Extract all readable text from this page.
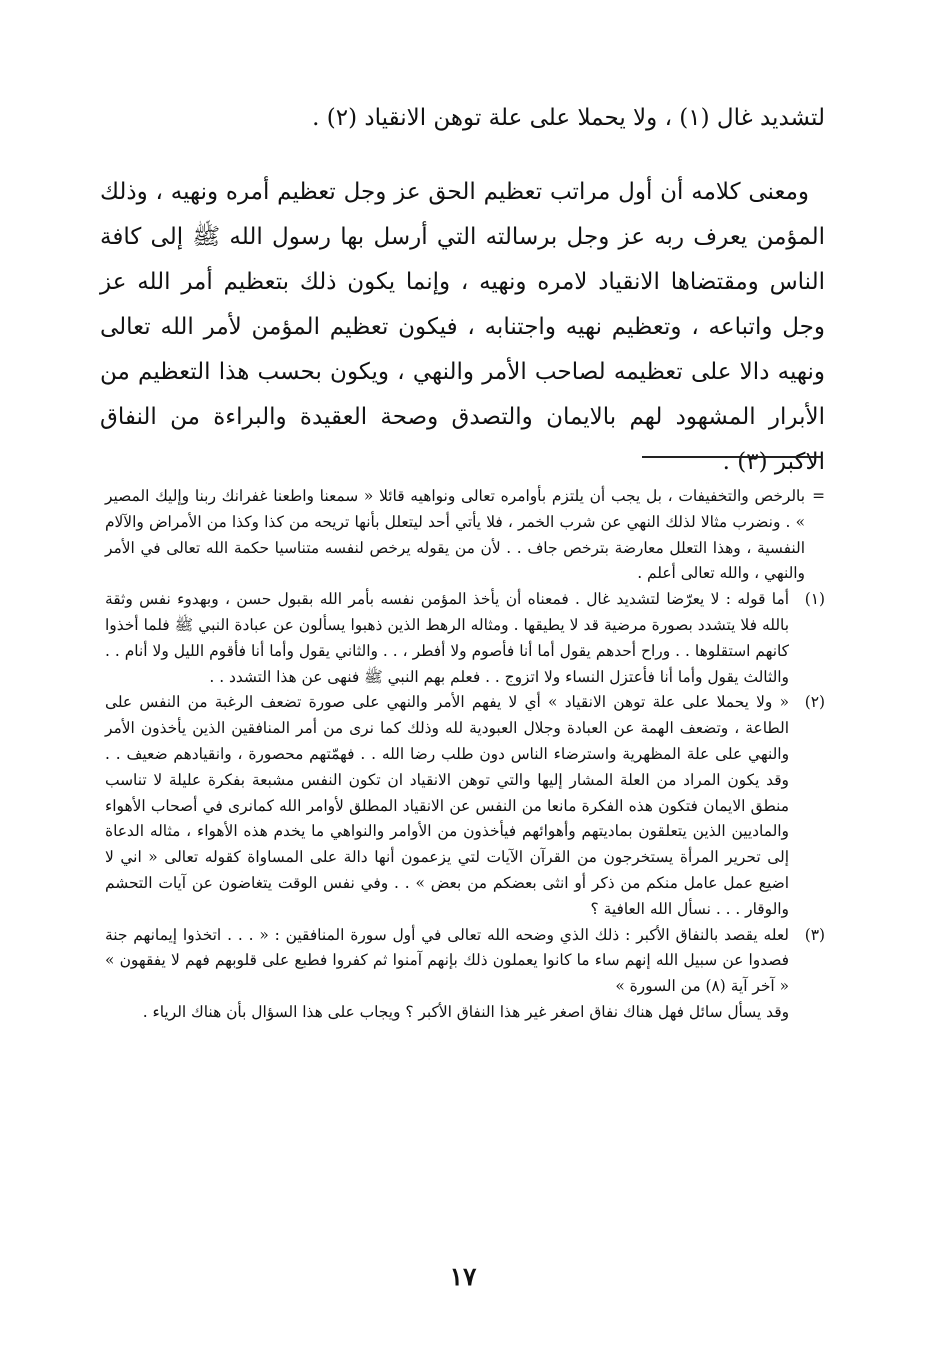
لتشديد غال (١) ، ولا يحملا على علة توهن الانقياد (٢) .

ومعنى كلامه أن أول مراتب تعظيم الحق عز وجل تعظيم أمره ونهيه ، وذلك المؤمن يعرف ربه عز وجل برسالته التي أرسل بها رسول الله ﷺ إلى كافة الناس ومقتضاها الانقياد لامره ونهيه ، وإنما يكون ذلك بتعظيم أمر الله عز وجل واتباعه ، وتعظيم نهيه واجتنابه ، فيكون تعظيم المؤمن لأمر الله تعالى ونهيه دالا على تعظيمه لصاحب الأمر والنهي ، ويكون بحسب هذا التعظيم من الأبرار المشهود لهم بالايمان والتصدق وصحة العقيدة والبراءة من النفاق الاكبر (٣) .

=
بالرخص والتخفيفات ، بل يجب أن يلتزم بأوامره تعالى ونواهيه قائلا « سمعنا واطعنا غفرانك ربنا وإليك المصير » . ونضرب مثالا لذلك النهي عن شرب الخمر ، فلا يأتي أحد ليتعلل بأنها تريحه من كذا وكذا من الأمراض والآلام النفسية ، وهذا التعلل معارضة بترخص جاف . . لأن من يقوله يرخص لنفسه متناسيا حكمة الله تعالى في الأمر والنهي ، والله تعالى أعلم .

(١)
أما قوله : لا يعرّضا لتشديد غال . فمعناه أن يأخذ المؤمن نفسه بأمر الله بقبول حسن ، وبهدوء نفس وثقة بالله فلا يتشدد بصورة مرضية قد لا يطيقها . ومثاله الرهط الذين ذهبوا يسألون عن عبادة النبي ﷺ فلما أخذوا كانهم استقلوها . . وراح أحدهم يقول أما أنا فأصوم ولا أفطر ، . . والثاني يقول وأما أنا فأقوم الليل ولا أنام . . والثالث يقول وأما أنا فأعتزل النساء ولا اتزوج . . فعلم بهم النبي ﷺ فنهى عن هذا التشدد . .

(٢)
« ولا يحملا على علة توهن الانقياد » أي لا يفهم الأمر والنهي على صورة تضعف الرغبة من النفس على الطاعة ، وتضعف الهمة عن العبادة وجلال العبودية لله وذلك كما نرى من أمر المنافقين الذين يأخذون الأمر والنهي على علة المظهرية واسترضاء الناس دون طلب رضا الله . . فهمّتهم محصورة ، وانقيادهم ضعيف . . وقد يكون المراد من العلة المشار إليها والتي توهن الانقياد ان تكون النفس مشبعة بفكرة عليلة لا تناسب منطق الايمان فتكون هذه الفكرة مانعا من النفس عن الانقياد المطلق لأوامر الله كمانرى في أصحاب الأهواء والماديين الذين يتعلقون بماديتهم وأهوائهم فيأخذون من الأوامر والنواهي ما يخدم هذه الأهواء ، مثاله الدعاة إلى تحرير المرأة يستخرجون من القرآن الآيات لتي يزعمون أنها دالة على المساواة كقوله تعالى « اني لا اضيع عمل عامل منكم من ذكر أو انثى بعضكم من بعض » . . وفي نفس الوقت يتغاضون عن آيات التحشم والوقار . . . نسأل الله العافية ؟

(٣)
لعله يقصد بالنفاق الأكبر : ذلك الذي وضحه الله تعالى في أول سورة المنافقين : « . . . اتخذوا إيمانهم جنة فصدوا عن سبيل الله إنهم ساء ما كانوا يعملون ذلك بإنهم آمنوا ثم كفروا فطبع على قلوبهم فهم لا يفقهون » « آخر آية (٨) من السورة »

وقد يسأل سائل فهل هناك نفاق اصغر غير هذا النفاق الأكبر ؟ ويجاب على هذا السؤال بأن هناك الرياء .

١٧
